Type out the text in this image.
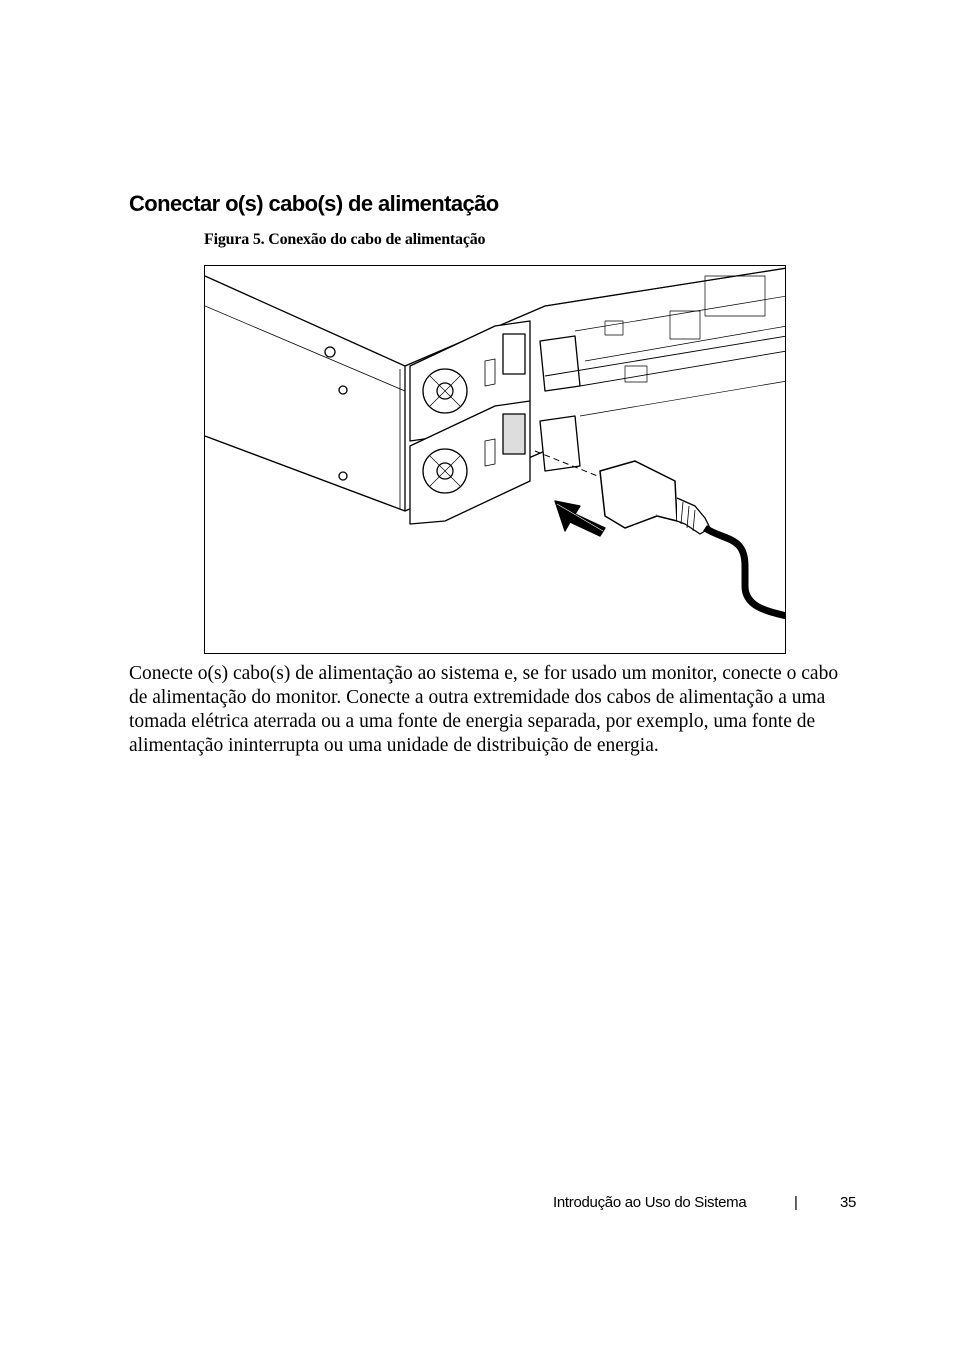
Conectar o(s) cabo(s) de alimentação
Figura 5. Conexão do cabo de alimentação

Conecte o(s) cabo(s) de alimentação ao sistema e, se for usado um monitor, conecte o cabo de alimentação do monitor. Conecte a outra extremidade dos cabos de alimentação a uma tomada elétrica aterrada ou a uma fonte de energia separada, por exemplo, uma fonte de alimentação ininterrupta ou uma unidade de distribuição de energia.

Introdução ao Uso do Sistema	|	35
